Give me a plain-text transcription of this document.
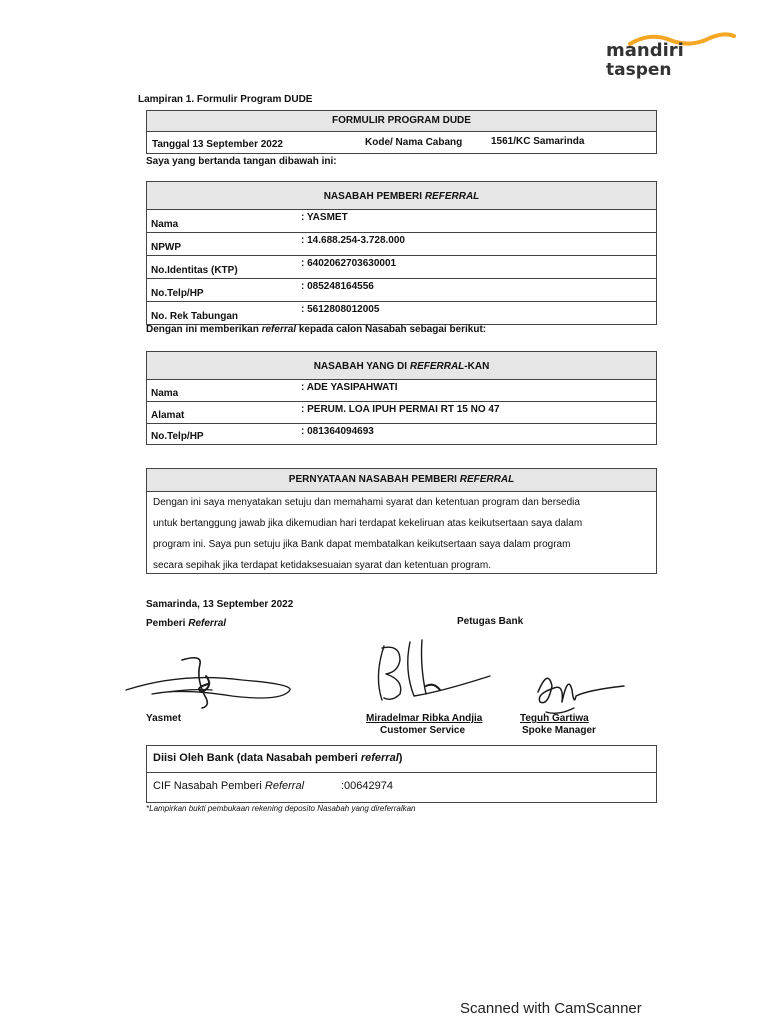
mandiri
taspen
Lampiran 1. Formulir Program DUDE
FORMULIR PROGRAM DUDE
Tanggal 13 September 2022	Kode/ Nama Cabang	1561/KC Samarinda
Saya yang bertanda tangan dibawah ini:
NASABAH PEMBERI REFERRAL
Nama
: YASMET
NPWP
: 14.688.254-3.728.000
No.Identitas (KTP)
: 6402062703630001
No.Telp/HP
: 085248164556
No. Rek Tabungan
: 5612808012005
Dengan ini memberikan referral kepada calon Nasabah sebagai berikut:
NASABAH YANG DI REFERRAL-KAN
Nama
: ADE YASIPAHWATI
Alamat
: PERUM. LOA IPUH PERMAI RT 15 NO 47
No.Telp/HP	: 081364094693
PERNYATAAN NASABAH PEMBERI REFERRAL
Dengan ini saya menyatakan setuju dan memahami syarat dan ketentuan program dan bersedia
untuk bertanggung jawab jika dikemudian hari terdapat kekeliruan atas keikutsertaan saya dalam
program ini. Saya pun setuju jika Bank dapat membatalkan keikutsertaan saya dalam program
secara sepihak jika terdapat ketidaksesuaian syarat dan ketentuan program.
Samarinda, 13 September 2022
Pemberi Referral	Petugas Bank
Yasmet	Miradelmar Ribka Andjia
Customer Service
Teguh Gartiwa
Spoke Manager
Diisi Oleh Bank (data Nasabah pemberi referral)
CIF Nasabah Pemberi Referral	:00642974
*Lampirkan bukti pembukaan rekening deposito Nasabah yang direferralkan
Scanned with CamScanner
